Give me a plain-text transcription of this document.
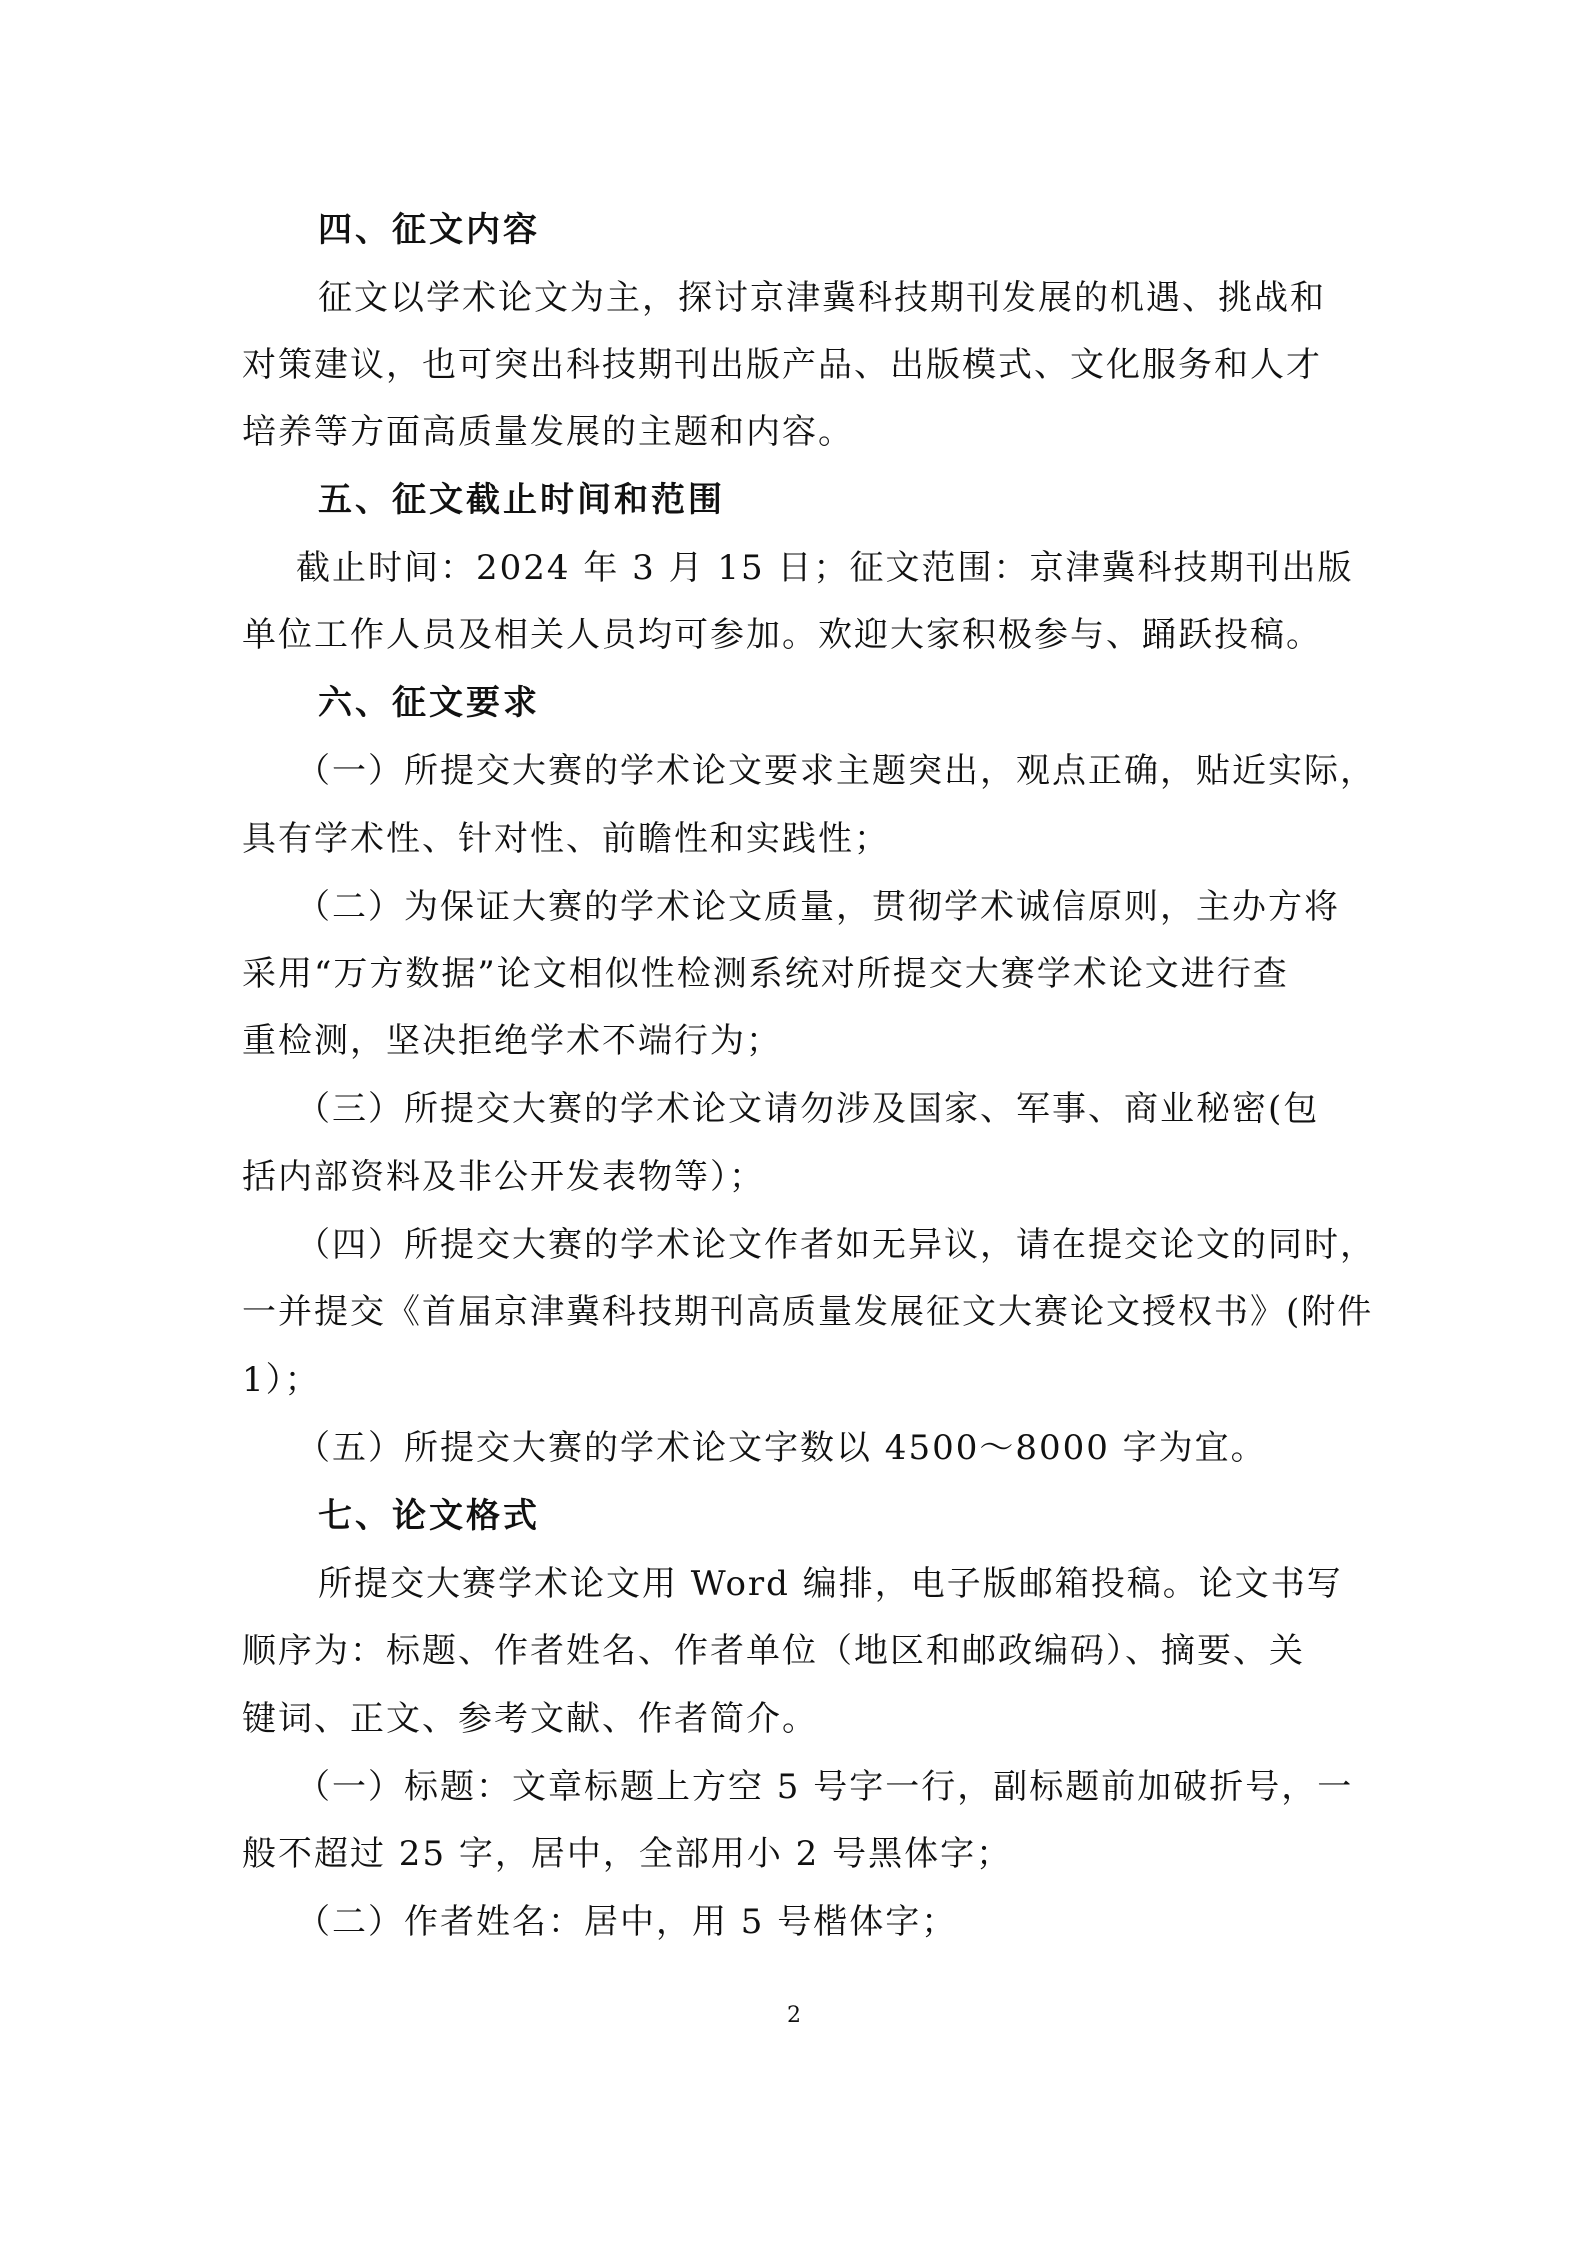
四、征文内容
征文以学术论文为主，探讨京津冀科技期刊发展的机遇、挑战和
对策建议，也可突出科技期刊出版产品、出版模式、文化服务和人才
培养等方面高质量发展的主题和内容。
五、征文截止时间和范围
截止时间：2024 年 3 月 15 日；征文范围：京津冀科技期刊出版
单位工作人员及相关人员均可参加。欢迎大家积极参与、踊跃投稿。
六、征文要求
（一）所提交大赛的学术论文要求主题突出，观点正确，贴近实际，
具有学术性、针对性、前瞻性和实践性；
（二）为保证大赛的学术论文质量，贯彻学术诚信原则，主办方将
采用“万方数据”论文相似性检测系统对所提交大赛学术论文进行查
重检测，坚决拒绝学术不端行为；
（三）所提交大赛的学术论文请勿涉及国家、军事、商业秘密(包
括内部资料及非公开发表物等）；
（四）所提交大赛的学术论文作者如无异议，请在提交论文的同时，
一并提交《首届京津冀科技期刊高质量发展征文大赛论文授权书》(附件
1）；
（五）所提交大赛的学术论文字数以 4500～8000 字为宜。
七、论文格式
所提交大赛学术论文用 Word 编排，电子版邮箱投稿。论文书写
顺序为：标题、作者姓名、作者单位（地区和邮政编码）、摘要、关
键词、正文、参考文献、作者简介。
（一）标题：文章标题上方空 5 号字一行，副标题前加破折号，一
般不超过 25 字，居中，全部用小 2 号黑体字；
（二）作者姓名：居中，用 5 号楷体字；
2
